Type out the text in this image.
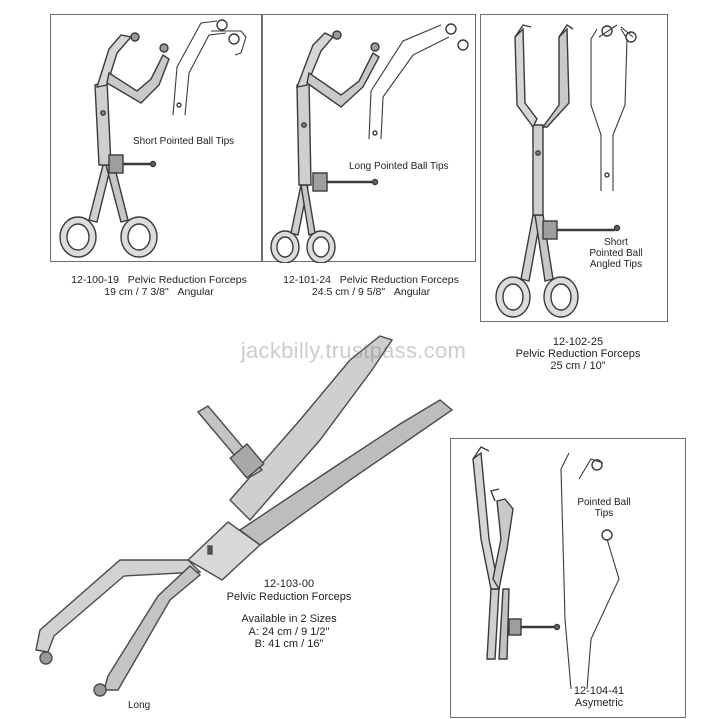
Short Pointed Ball Tips
12-100-19 Pelvic Reduction Forceps
19 cm / 7 3/8" Angular
Long Pointed Ball Tips
12-101-24 Pelvic Reduction Forceps
24.5 cm / 9 5/8" Angular
Short
Pointed Ball
Angled Tips
12-102-25
Pelvic Reduction Forceps
25 cm / 10"
12-103-00
Pelvic Reduction Forceps
Available in 2 Sizes
A: 24 cm / 9 1/2"
B: 41 cm / 16"
Long
Pointed Ball
Tips
12-104-41
Asymetric
jackbilly.trustpass.com
